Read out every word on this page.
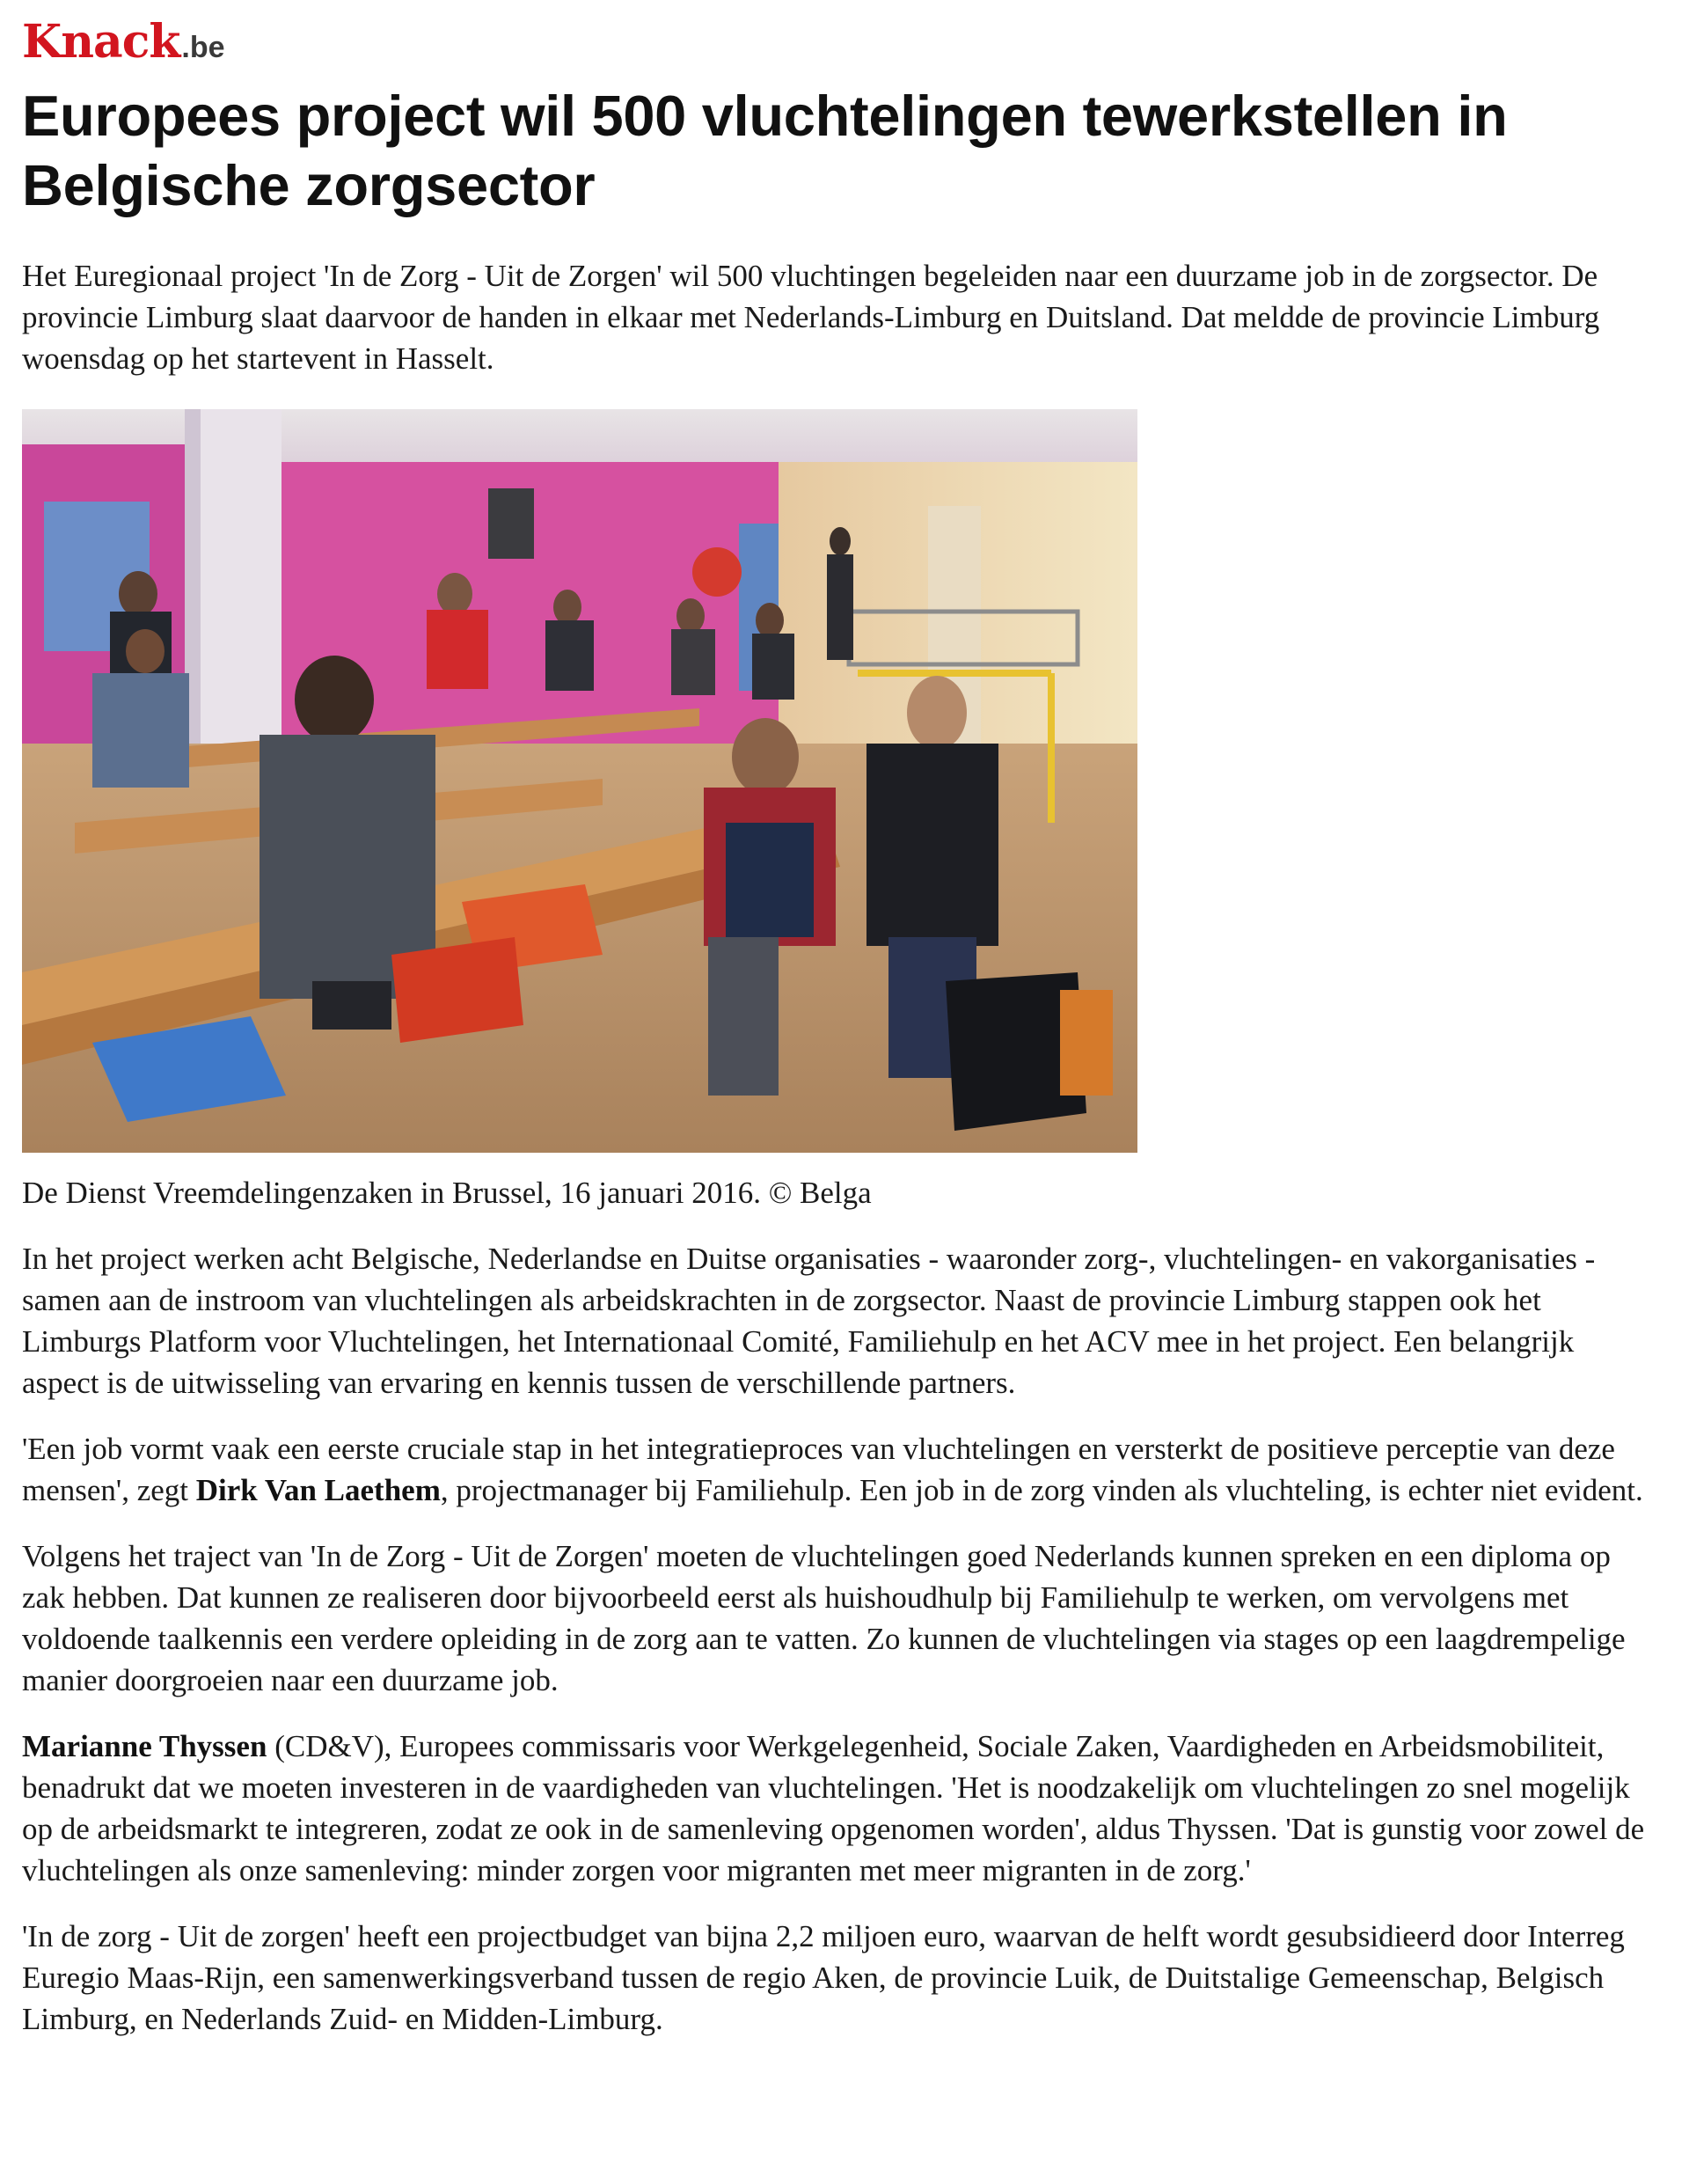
Knack .be
Europees project wil 500 vluchtelingen tewerkstellen in Belgische zorgsector

Het Euregionaal project 'In de Zorg - Uit de Zorgen' wil 500 vluchtingen begeleiden naar een duurzame job in de zorgsector. De provincie Limburg slaat daarvoor de handen in elkaar met Nederlands-Limburg en Duitsland. Dat meldde de provincie Limburg woensdag op het startevent in Hasselt.

De Dienst Vreemdelingenzaken in Brussel, 16 januari 2016. © Belga

In het project werken acht Belgische, Nederlandse en Duitse organisaties - waaronder zorg-, vluchtelingen- en vakorganisaties - samen aan de instroom van vluchtelingen als arbeidskrachten in de zorgsector. Naast de provincie Limburg stappen ook het Limburgs Platform voor Vluchtelingen, het Internationaal Comité, Familiehulp en het ACV mee in het project. Een belangrijk aspect is de uitwisseling van ervaring en kennis tussen de verschillende partners.

'Een job vormt vaak een eerste cruciale stap in het integratieproces van vluchtelingen en versterkt de positieve perceptie van deze mensen', zegt Dirk Van Laethem, projectmanager bij Familiehulp. Een job in de zorg vinden als vluchteling, is echter niet evident.

Volgens het traject van 'In de Zorg - Uit de Zorgen' moeten de vluchtelingen goed Nederlands kunnen spreken en een diploma op zak hebben. Dat kunnen ze realiseren door bijvoorbeeld eerst als huishoudhulp bij Familiehulp te werken, om vervolgens met voldoende taalkennis een verdere opleiding in de zorg aan te vatten. Zo kunnen de vluchtelingen via stages op een laagdrempelige manier doorgroeien naar een duurzame job.

Marianne Thyssen (CD&V), Europees commissaris voor Werkgelegenheid, Sociale Zaken, Vaardigheden en Arbeidsmobiliteit, benadrukt dat we moeten investeren in de vaardigheden van vluchtelingen. 'Het is noodzakelijk om vluchtelingen zo snel mogelijk op de arbeidsmarkt te integreren, zodat ze ook in de samenleving opgenomen worden', aldus Thyssen. 'Dat is gunstig voor zowel de vluchtelingen als onze samenleving: minder zorgen voor migranten met meer migranten in de zorg.'

'In de zorg - Uit de zorgen' heeft een projectbudget van bijna 2,2 miljoen euro, waarvan de helft wordt gesubsidieerd door Interreg Euregio Maas-Rijn, een samenwerkingsverband tussen de regio Aken, de provincie Luik, de Duitstalige Gemeenschap, Belgisch Limburg, en Nederlands Zuid- en Midden-Limburg.
